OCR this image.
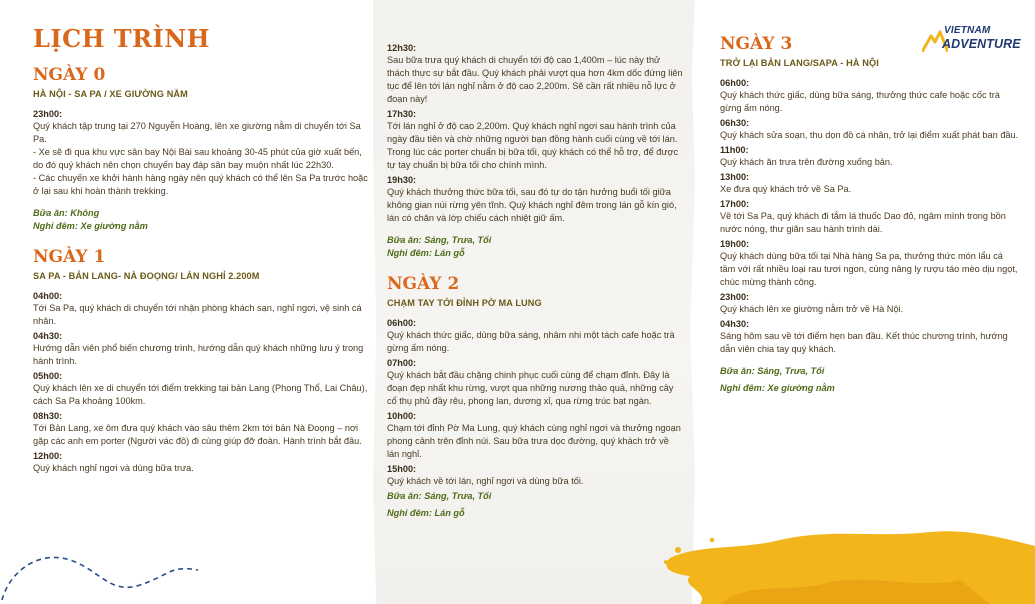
VIETNAM
ADVENTURE
LỊCH TRÌNH
NGÀY 0
HÀ NỘI - SA PA / XE GIƯỜNG NẰM
23h00:
Quý khách tập trung tại 270 Nguyễn Hoàng, lên xe giường nằm di chuyển tới Sa Pa.
- Xe sẽ đi qua khu vực sân bay Nội Bài sau khoảng 30-45 phút của giờ xuất bến, do đó quý khách nên chọn chuyến bay đáp sân bay muộn nhất lúc 22h30.
- Các chuyến xe khởi hành hàng ngày nên quý khách có thể lên Sa Pa trước hoặc ở lại sau khi hoàn thành trekking.
Bữa ăn: Không
Nghỉ đêm: Xe giường nằm
NGÀY 1
SA PA - BẢN LANG- NÀ ĐOỌNG/ LÁN NGHỈ 2.200M
04h00:
Tới Sa Pa, quý khách di chuyển tới nhận phòng khách sạn, nghỉ ngơi, vệ sinh cá nhân.
04h30:
Hướng dẫn viên phổ biến chương trình, hướng dẫn quý khách những lưu ý trong hành trình.
05h00:
Quý khách lên xe di chuyển tới điểm trekking tại bản Lang (Phong Thổ, Lai Châu), cách Sa Pa khoảng 100km.
08h30:
Tới Bản Lang, xe ôm đưa quý khách vào sâu thêm 2km tới bản Nà Đoọng – nơi gặp các anh em porter (Người vác đồ) đi cùng giúp đỡ đoàn. Hành trình bắt đầu.
12h00:
Quý khách nghỉ ngơi và dùng bữa trưa.
12h30:
Sau bữa trưa quý khách di chuyển tới độ cao 1,400m – lúc này thử thách thực sự bắt đầu. Quý khách phải vượt qua hơn 4km dốc đứng liên tục để lên tới lán nghỉ nằm ở độ cao 2,200m. Sẽ cần rất nhiều nỗ lực ở đoạn này!
17h30:
Tới lán nghỉ ở độ cao 2,200m. Quý khách nghỉ ngơi sau hành trình của ngày đầu tiên và chờ những người bạn đồng hành cuối cùng về tới lán. Trong lúc các porter chuẩn bị bữa tối, quý khách có thể hỗ trợ, để được tự tay chuẩn bị bữa tối cho chính mình.
19h30:
Quý khách thưởng thức bữa tối, sau đó tự do tận hưởng buổi tối giữa không gian núi rừng yên tĩnh. Quý khách nghỉ đêm trong lán gỗ kín gió, lán có chăn và lớp chiếu cách nhiệt giữ ấm.
Bữa ăn: Sáng, Trưa, Tối
Nghỉ đêm: Lán gỗ
NGÀY 2
CHẠM TAY TỚI ĐỈNH PỜ MA LUNG
06h00:
Quý khách thức giấc, dùng bữa sáng, nhâm nhi một tách cafe hoặc trà gừng ấm nóng.
07h00:
Quý khách bắt đầu chặng chinh phục cuối cùng để chạm đỉnh. Đây là đoạn đẹp nhất khu rừng, vượt qua những nương thảo quả, những cây cổ thụ phủ đầy rêu, phong lan, dương xỉ, qua rừng trúc bạt ngàn.
10h00:
Chạm tới đỉnh Pờ Ma Lung, quý khách cùng nghỉ ngơi và thưởng ngoạn phong cảnh trên đỉnh núi. Sau bữa trưa dọc đường, quý khách trở về lán nghỉ.
15h00:
Quý khách về tới lán, nghỉ ngơi và dùng bữa tối.
Bữa ăn: Sáng, Trưa, Tối
Nghỉ đêm: Lán gỗ
NGÀY 3
TRỞ LẠI BẢN LANG/SAPA - HÀ NỘI
06h00:
Quý khách thức giấc, dùng bữa sáng, thưởng thức cafe hoặc cốc trà gừng ấm nóng.
06h30:
Quý khách sửa soạn, thu dọn đồ cá nhân, trở lại điểm xuất phát ban đầu.
11h00:
Quý khách ăn trưa trên đường xuống bản.
13h00:
Xe đưa quý khách trở về Sa Pa.
17h00:
Về tới Sa Pa, quý khách đi tắm lá thuốc Dao đỏ, ngâm mình trong bồn nước nóng, thư giãn sau hành trình dài.
19h00:
Quý khách dùng bữa tối tại Nhà hàng Sa pa, thưởng thức món lẩu cá tầm với rất nhiều loại rau tươi ngon, cùng nâng ly rượu táo mèo dịu ngọt, chúc mừng thành công.
23h00:
Quý khách lên xe giường nằm trở về Hà Nội.
04h30:
Sáng hôm sau về tới điểm hẹn ban đầu. Kết thúc chương trình, hướng dẫn viên chia tay quý khách.
Bữa ăn: Sáng, Trưa, Tối
Nghỉ đêm: Xe giường nằm
